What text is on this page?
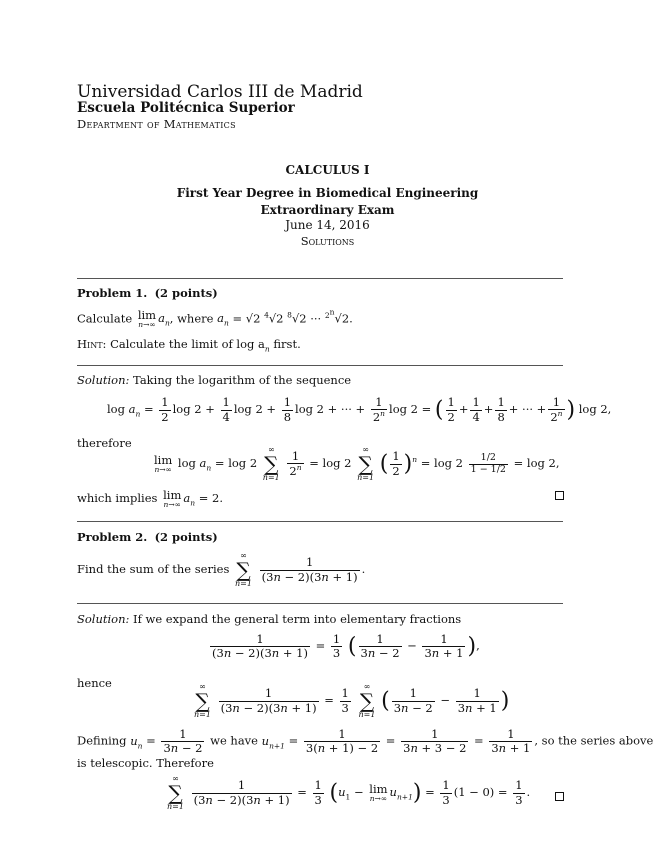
Universidad Carlos III de Madrid
Escuela Politécnica Superior
Department of Mathematics
CALCULUS I
First Year Degree in Biomedical Engineering
Extraordinary Exam
June 14, 2016
Solutions
Problem 1. (2 points)
Calculate lim
n→∞ $a_n$, where $a_n = √2$ $^4$√2 $^8$√2 ··· $^{2^n}$√2.
Hint: Calculate the limit of $\log a_n$ first.
Solution: Taking the logarithm of the sequence
$\log a_n = \frac{1}{2}$ $\log 2 + \frac{1}{4}$ $\log 2 + \frac{1}{8}$ log 2 + ··· + $\frac{1}{2^n}$ log 2 = ( $\frac{1}{2} + \frac{1}{4} + \frac{1}{8}$ + ··· + $\frac{1}{2^n}$ ) log 2,
therefore
lim
n→∞ $\log a_n = \log 2$
∞
∑
n=1
$\frac{1}{2^n} = \log 2$
∞
∑
n=1
( $\frac{1}{2} )^n = \log 2 \frac{1/2}{1 - 1/2} = \log 2$,
which implies lim
n→∞ $a_n = 2$.
Problem 2. (2 points)
Find the sum of the series
∞
∑
n=1
$\frac{1}{(3n - 2)(3n + 1)}$ .
Solution: If we expand the general term into elementary fractions
$\frac{1}{(3n - 2)(3n + 1)} = \frac{1}{3}$ ( $\frac{1}{3n - 2} - \frac{1}{3n + 1}$ ),
hence	∞
∑
n=1
$\frac{1}{(3n - 2)(3n + 1)} = \frac{1}{3}$

∞
∑
n=1
( $\frac{1}{3n - 2} - \frac{1}{3n + 1}$ )
Defining $u_n = \frac{1}{3n - 2}$ we have $u_{n+1} = \frac{1}{3(n + 1) - 2} = \frac{1}{3n + 3 - 2} = \frac{1}{3n + 1}$ , so the series above
is telescopic. Therefore
∞
∑
n=1
$\frac{1}{(3n - 2)(3n + 1)} = \frac{1}{3} (u_1 - \lim$
n→∞ $u_{n+1}) = \frac{1}{3} (1 - 0) = \frac{1}{3}$ .
